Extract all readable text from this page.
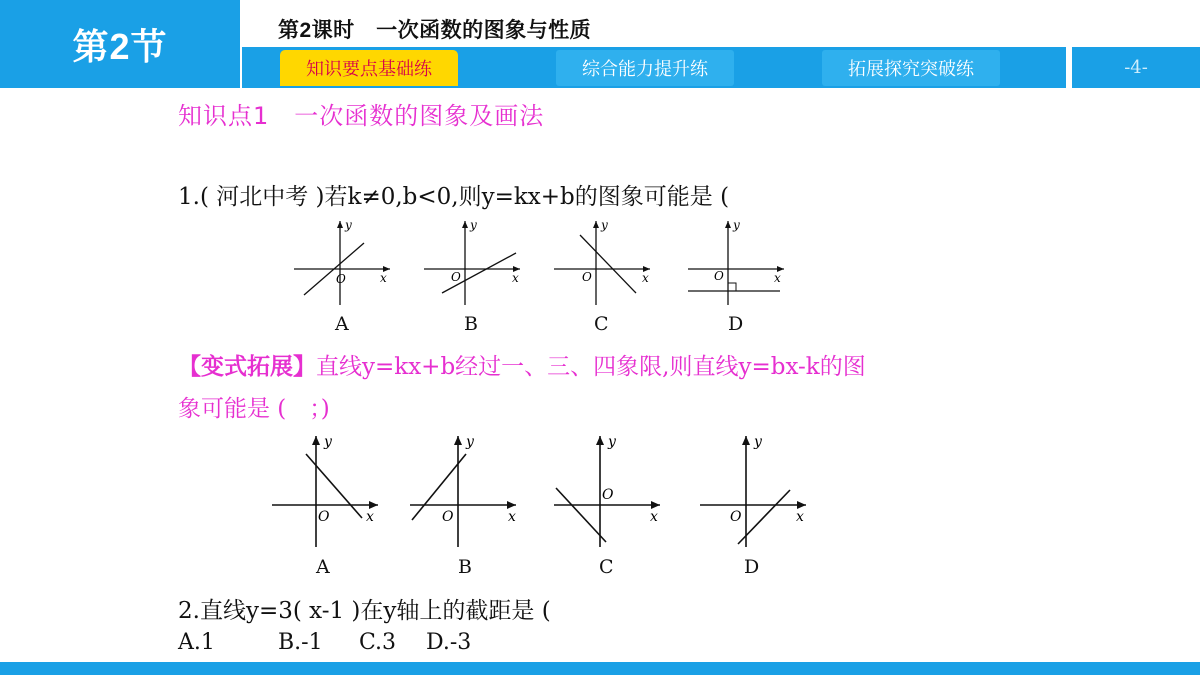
第2节	第2课时　一次函数的图象与性质
知识要点基础练	综合能力提升练	拓展探究突破练	-4-
知识点1　一次函数的图象及画法
1.( 河北中考 )若k≠0,b<0,则y=kx+b的图象可能是 (
y
x
O
A
y
x
O
B
y
x
O
C
y
x
O
D
【变式拓展】直线y=kx+b经过一、三、四象限,则直线y=bx-k的图
象可能是 (　；)
y
x
O
A
y
x
O
B
y
x
O
C
y
x
O
D
2.直线y=3( x-1 )在y轴上的截距是 (
A.1	B.-1 C.3 D.-3
